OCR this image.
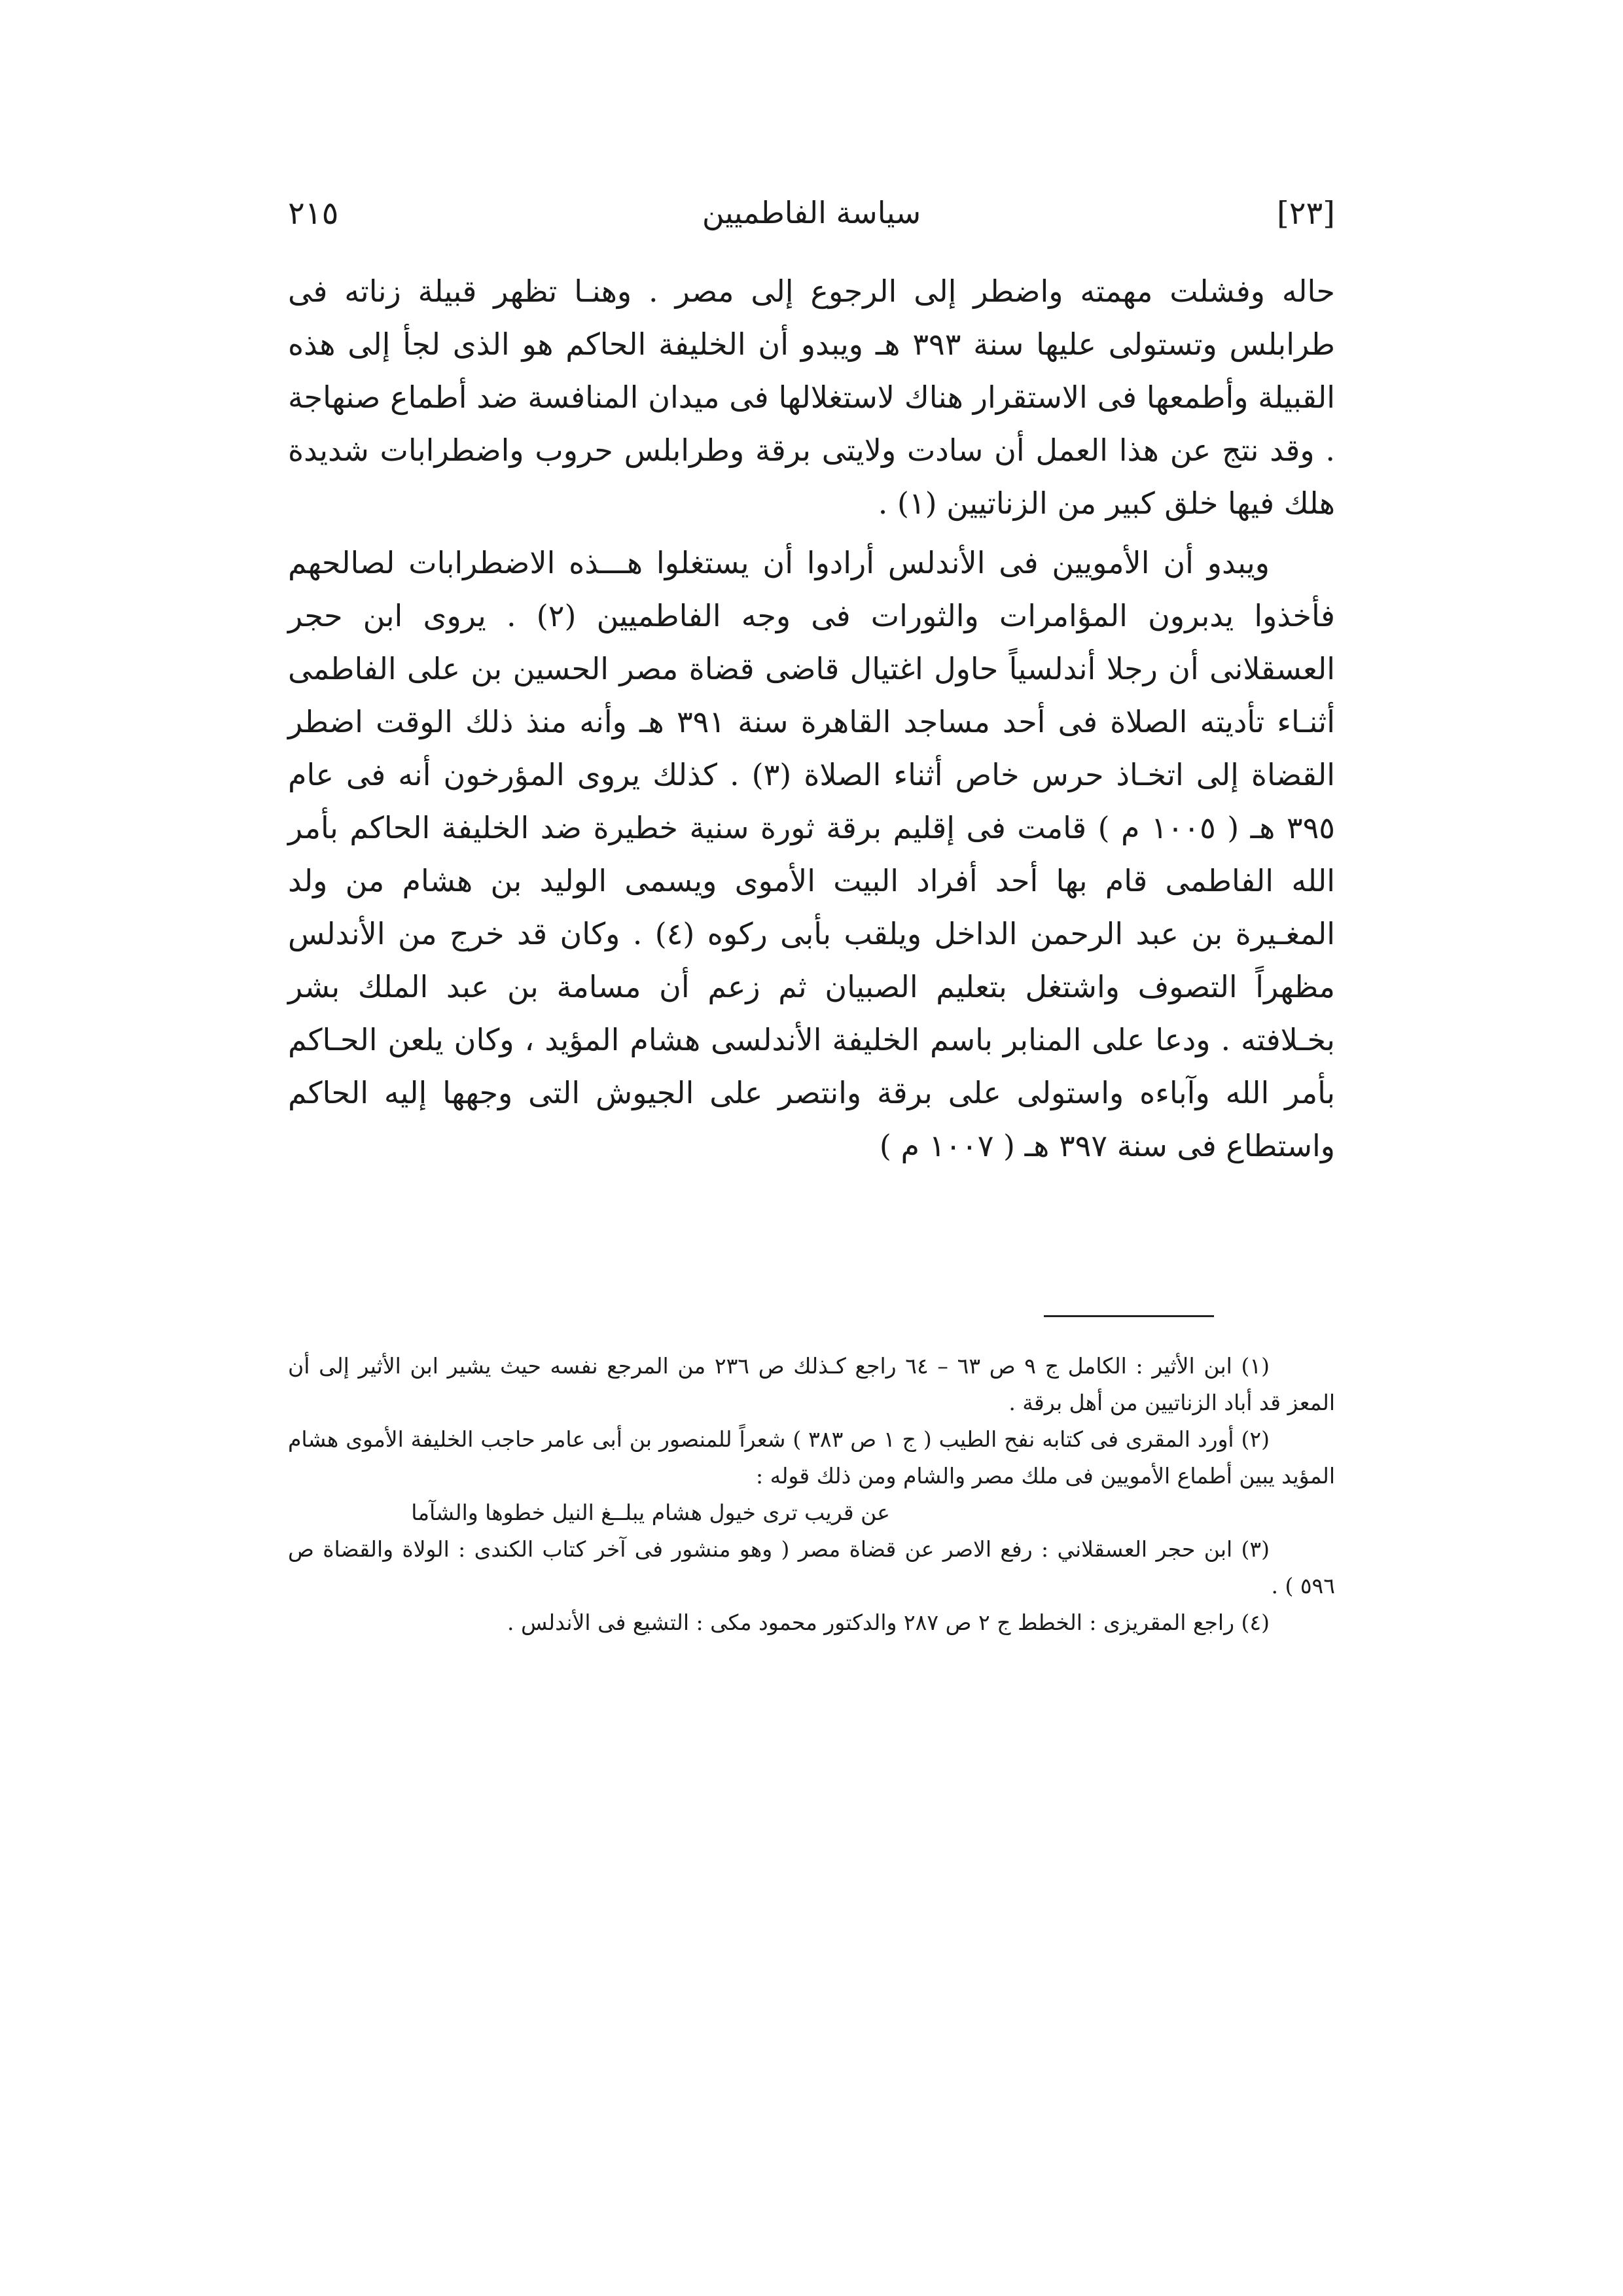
[٢٣]
سياسة الفاطميين
٢١٥

حاله وفشلت مهمته واضطر إلى الرجوع إلى مصر . وهنـا تظهر قبيلة زناته فى طرابلس وتستولى عليها سنة ٣٩٣ هـ ويبدو أن الخليفة الحاكم هو الذى لجأ إلى هذه القبيلة وأطمعها فى الاستقرار هناك لاستغلالها فى ميدان المنافسة ضد أطماع صنهاجة . وقد نتج عن هذا العمل أن سادت ولايتى برقة وطرابلس حروب واضطرابات شديدة هلك فيها خلق كبير من الزناتيين (١) .

ويبدو أن الأمويين فى الأندلس أرادوا أن يستغلوا هـــذه الاضطرابات لصالحهم فأخذوا يدبرون المؤامرات والثورات فى وجه الفاطميين (٢) . يروى ابن حجر العسقلانى أن رجلا أندلسياً حاول اغتيال قاضى قضاة مصر الحسين بن على الفاطمى أثنـاء تأديته الصلاة فى أحد مساجد القاهرة سنة ٣٩١ هـ وأنه منذ ذلك الوقت اضطر القضاة إلى اتخـاذ حرس خاص أثناء الصلاة (٣) . كذلك يروى المؤرخون أنه فى عام ٣٩٥ هـ ( ١٠٠٥ م ) قامت فى إقليم برقة ثورة سنية خطيرة ضد الخليفة الحاكم بأمر الله الفاطمى قام بها أحد أفراد البيت الأموى ويسمى الوليد بن هشام من ولد المغـيرة بن عبد الرحمن الداخل ويلقب بأبى ركوه (٤) . وكان قد خرج من الأندلس مظهراً التصوف واشتغل بتعليم الصبيان ثم زعم أن مسامة بن عبد الملك بشر بخـلافته . ودعا على المنابر باسم الخليفة الأندلسى هشام المؤيد ، وكان يلعن الحـاكم بأمر الله وآباءه واستولى على برقة وانتصر على الجيوش التى وجهها إليه الحاكم واستطاع فى سنة ٣٩٧ هـ ( ١٠٠٧ م )

(١) ابن الأثير : الكامل ج ٩ ص ٦٣ – ٦٤ راجع كـذلك ص ٢٣٦ من المرجع نفسه حيث يشير ابن الأثير إلى أن المعز قد أباد الزناتيين من أهل برقة .

(٢) أورد المقرى فى كتابه نفح الطيب ( ج ١ ص ٣٨٣ ) شعراً للمنصور بن أبى عامر حاجب الخليفة الأموى هشام المؤيد يبين أطماع الأمويين فى ملك مصر والشام ومن ذلك قوله :

عن قريب ترى خيول هشام يبلــغ النيل خطوها والشآما

(٣) ابن حجر العسقلاني : رفع الاصر عن قضاة مصر ( وهو منشور فى آخر كتاب الكندى : الولاة والقضاة ص ٥٩٦ ) .

(٤) راجع المقريزى : الخطط ج ٢ ص ٢٨٧ والدكتور محمود مكى : التشيع فى الأندلس .
